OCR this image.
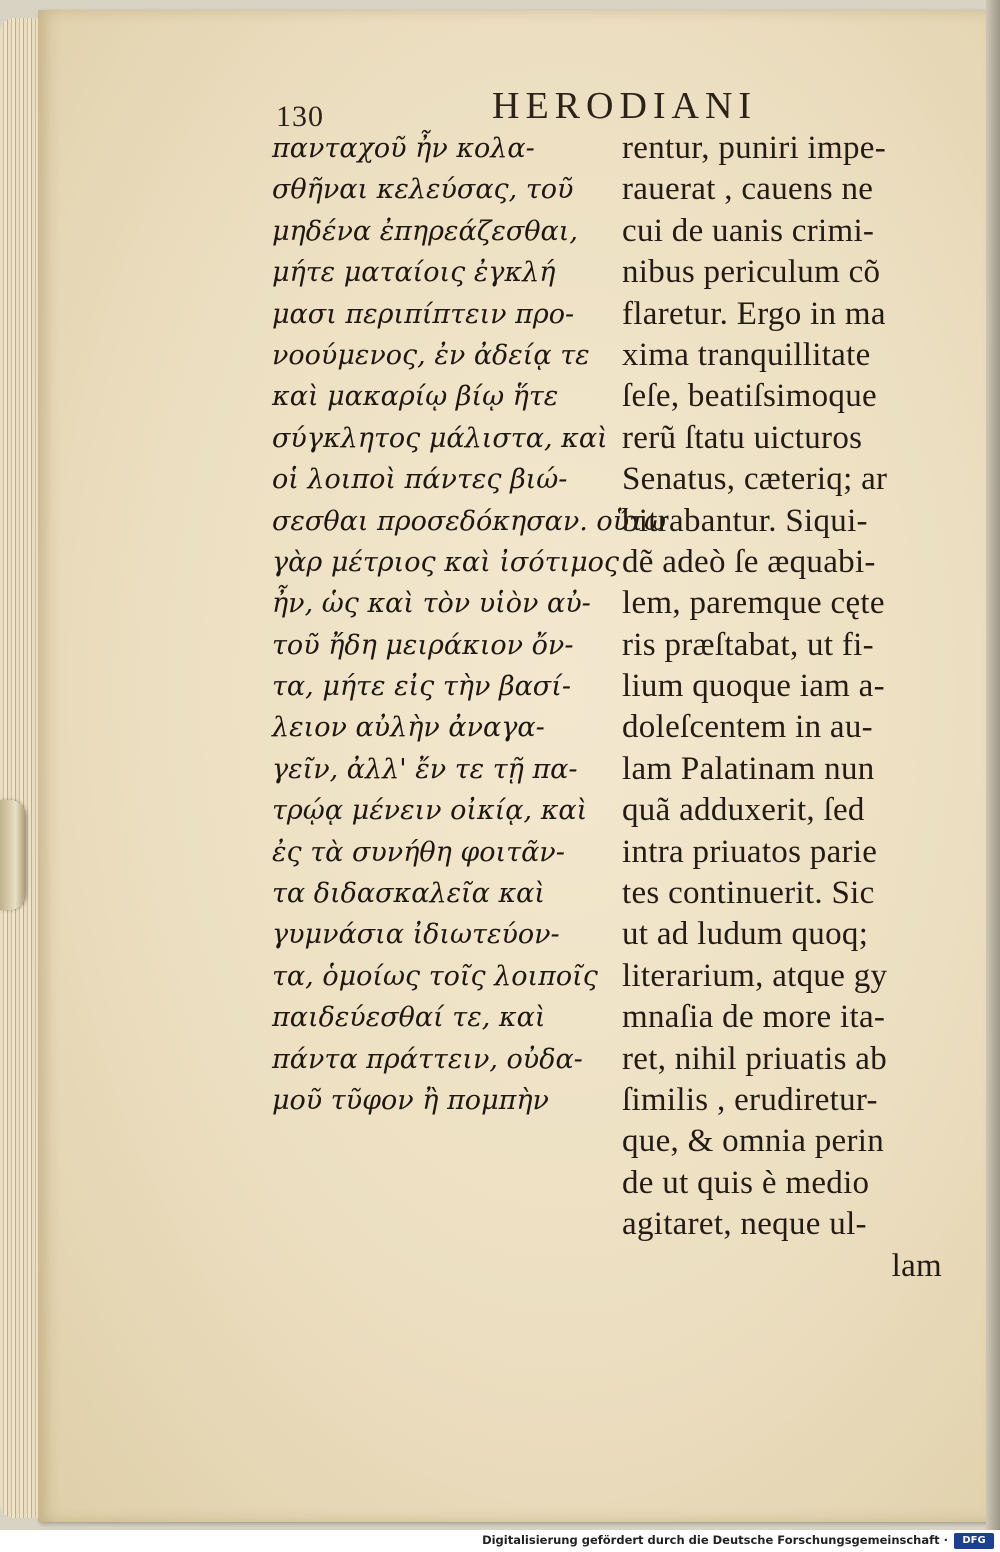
130	HERODIANI
πανταχοῦ ἦν κολα-
σθῆναι κελεύσας, τοῦ
μηδένα ἐπηρεάζεσθαι,
μήτε ματαίοις ἐγκλή
μασι περιπίπτειν προ-
νοούμενος, ἐν ἀδείᾳ τε
καὶ μακαρίῳ βίῳ ἥτε
σύγκλητος μάλιστα, καὶ
οἱ λοιποὶ πάντες βιώ-
σεσθαι προσεδόκησαν. οὕτω
γὰρ μέτριος καὶ ἰσότιμος
ἦν, ὡς καὶ τὸν υἱὸν αὐ-
τοῦ ἤδη μειράκιον ὄν-
τα, μήτε εἰς τὴν βασί-
λειον αὐλὴν ἀναγα-
γεῖν, ἀλλ' ἔν τε τῇ πα-
τρῴᾳ μένειν οἰκίᾳ, καὶ
ἐς τὰ συνήθη φοιτᾶν-
τα διδασκαλεῖα καὶ
γυμνάσια ἰδιωτεύον-
τα, ὁμοίως τοῖς λοιποῖς
παιδεύεσθαί τε, καὶ
πάντα πράττειν, οὐδα-
μοῦ τῦφον ἢ πομπὴν
rentur, puniri impe-
rauerat , cauens ne
cui de uanis crimi-
nibus periculum cõ
flaretur. Ergo in ma
xima tranquillitate
ſeſe, beatiſsimoque
rerũ ſtatu uicturos
Senatus, cæteriq; ar
bitrabantur. Siqui-
dẽ adeò ſe æquabi-
lem, paremque cęte
ris præſtabat, ut fi-
lium quoque iam a-
doleſcentem in au-
lam Palatinam nun
quã adduxerit, ſed
intra priuatos parie
tes continuerit. Sic
ut ad ludum quoq;
literarium, atque gy
mnaſia de more ita-
ret, nihil priuatis ab
ſimilis , erudiretur-
que, & omnia perin
de ut quis è medio
agitaret, neque ul-
lam
Digitalisierung gefördert durch die Deutsche Forschungsgemeinschaft ·	DFG
